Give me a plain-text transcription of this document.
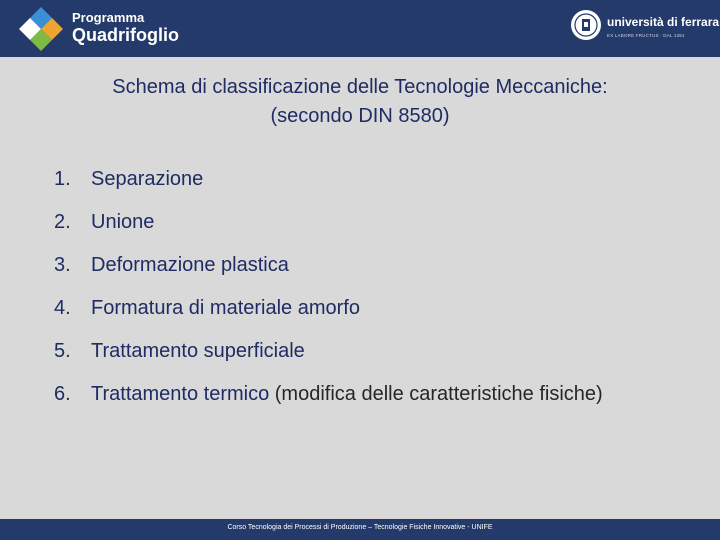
Programma
Quadrifoglio
università di ferrara
EX LABORE FRUCTUS · DAL 1391
Schema di classificazione delle Tecnologie Meccaniche:
(secondo DIN 8580)
1. Separazione
2. Unione
3. Deformazione plastica
4. Formatura di materiale amorfo
5. Trattamento superficiale
6. Trattamento termico (modifica delle caratteristiche fisiche)
Corso Tecnologia dei Processi di Produzione – Tecnologie Fisiche Innovative - UNIFE
